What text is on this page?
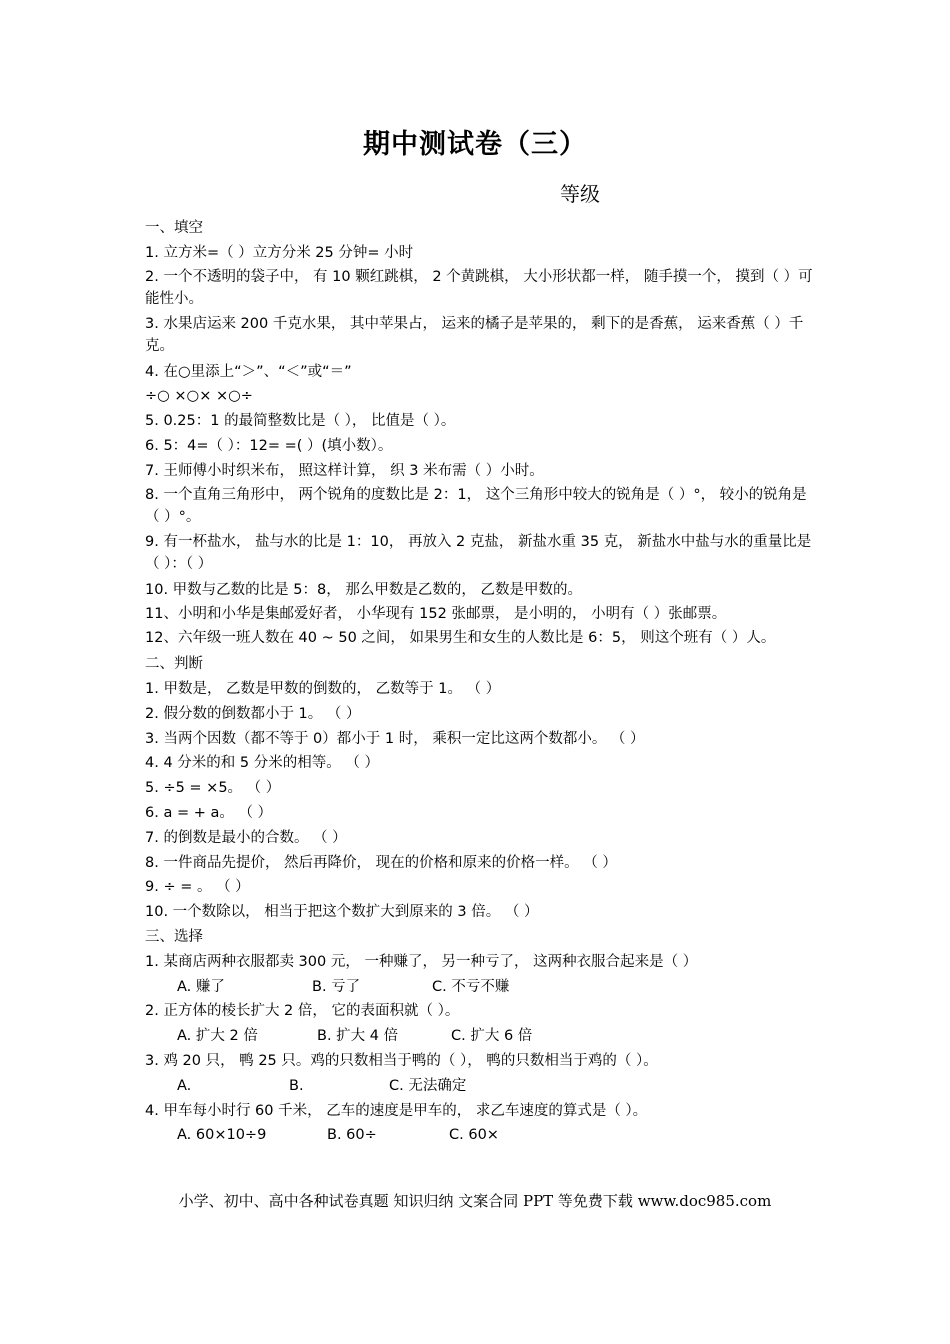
期中测试卷（三）
等级
一、填空
1. 立方米=（ ）立方分米 25 分钟= 小时
2. 一个不透明的袋子中， 有 10 颗红跳棋， 2 个黄跳棋， 大小形状都一样， 随手摸一个， 摸到（ ）可能性小。
3. 水果店运来 200 千克水果， 其中苹果占， 运来的橘子是苹果的， 剩下的是香蕉， 运来香蕉（ ）千克。
4. 在○里添上“＞”、“＜”或“＝”
÷○ ×○× ×○÷
5. 0.25：1 的最简整数比是（ ）， 比值是（ ）。
6. 5：4=（ ）：12= =( ）(填小数）。
7. 王师傅小时织米布， 照这样计算， 织 3 米布需（ ）小时。
8. 一个直角三角形中， 两个锐角的度数比是 2：1， 这个三角形中较大的锐角是（ ）°， 较小的锐角是（ ）°。
9. 有一杯盐水， 盐与水的比是 1：10， 再放入 2 克盐， 新盐水重 35 克， 新盐水中盐与水的重量比是（ ）：（ ）
10. 甲数与乙数的比是 5：8， 那么甲数是乙数的， 乙数是甲数的。
11、小明和小华是集邮爱好者， 小华现有 152 张邮票， 是小明的， 小明有（ ）张邮票。
12、六年级一班人数在 40 ~ 50 之间， 如果男生和女生的人数比是 6：5， 则这个班有（ ）人。
二、判断
1. 甲数是， 乙数是甲数的倒数的， 乙数等于 1。 （ ）
2. 假分数的倒数都小于 1。 （ ）
3. 当两个因数（都不等于 0）都小于 1 时， 乘积一定比这两个数都小。 （ ）
4. 4 分米的和 5 分米的相等。 （ ）
5. ÷5 = ×5。 （ ）
6. a = + a。 （ ）
7. 的倒数是最小的合数。 （ ）
8. 一件商品先提价， 然后再降价， 现在的价格和原来的价格一样。 （ ）
9. ÷ = 。 （ ）
10. 一个数除以， 相当于把这个数扩大到原来的 3 倍。 （ ）
三、选择
1. 某商店两种衣服都卖 300 元， 一种赚了， 另一种亏了， 这两种衣服合起来是（ ）
A. 赚了	B. 亏了	C. 不亏不赚
2. 正方体的棱长扩大 2 倍， 它的表面积就（ ）。
A. 扩大 2 倍	B. 扩大 4 倍	C. 扩大 6 倍
3. 鸡 20 只， 鸭 25 只。鸡的只数相当于鸭的（ ）， 鸭的只数相当于鸡的（ ）。
A.	B.	C. 无法确定
4. 甲车每小时行 60 千米， 乙车的速度是甲车的， 求乙车速度的算式是（ ）。
A. 60×10÷9	B. 60÷	C. 60×
小学、初中、高中各种试卷真题 知识归纳 文案合同 PPT 等免费下载 www.doc985.com
